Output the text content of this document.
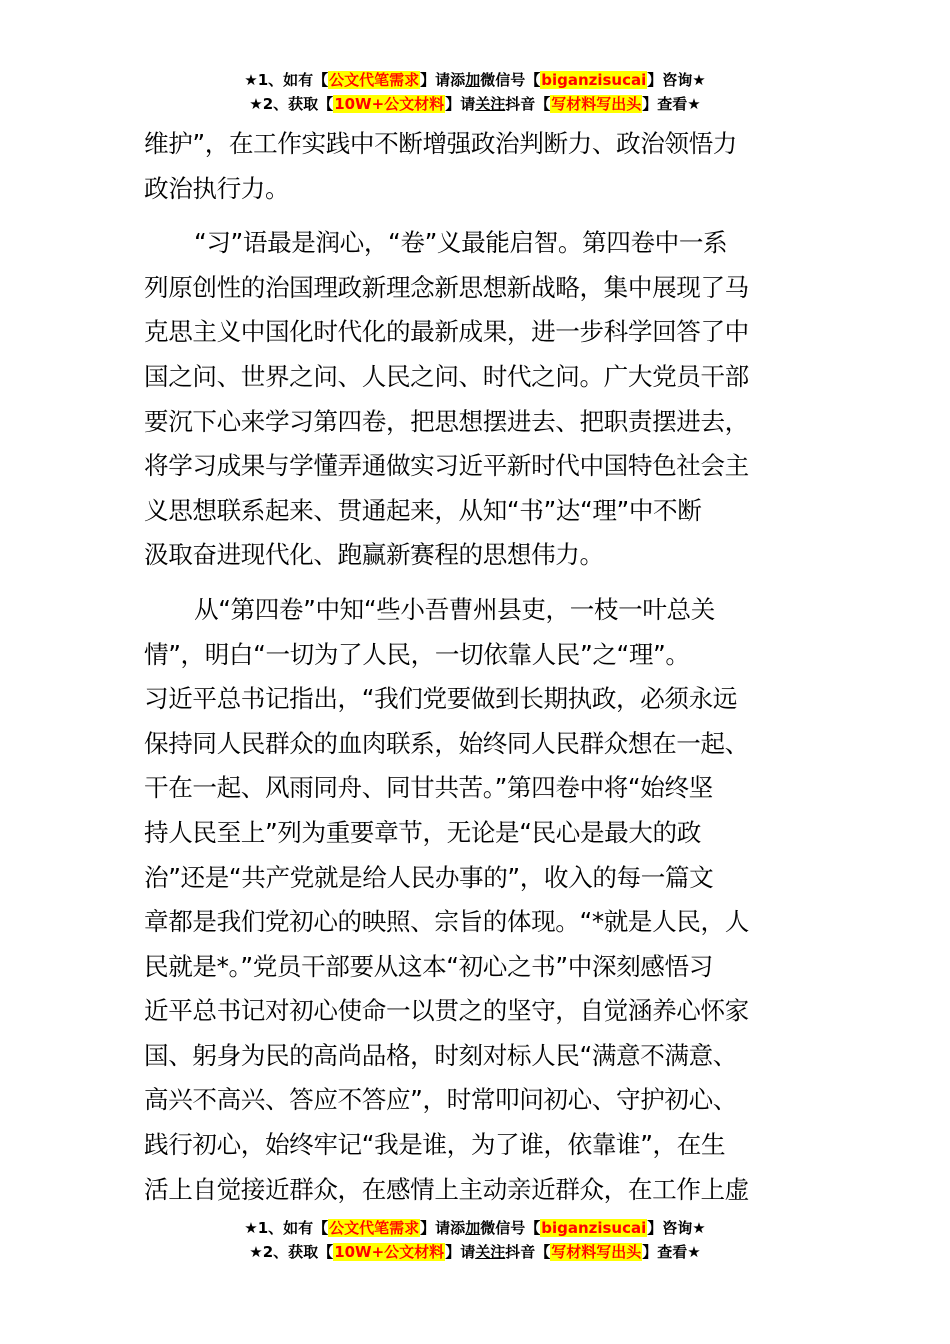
★1、如有【公文代笔需求】请添加微信号【biganzisucai】咨询★
★2、获取【10W+公文材料】请关注抖音【写材料写出头】查看★
维护”，在工作实践中不断增强政治判断力、政治领悟力
政治执行力。
“习”语最是润心，“卷”义最能启智。第四卷中一系
列原创性的治国理政新理念新思想新战略，集中展现了马
克思主义中国化时代化的最新成果，进一步科学回答了中
国之问、世界之问、人民之问、时代之问。广大党员干部
要沉下心来学习第四卷，把思想摆进去、把职责摆进去，
将学习成果与学懂弄通做实习近平新时代中国特色社会主
义思想联系起来、贯通起来，从知“书”达“理”中不断
汲取奋进现代化、跑赢新赛程的思想伟力。
从“第四卷”中知“些小吾曹州县吏，一枝一叶总关
情”，明白“一切为了人民，一切依靠人民”之“理”。
习近平总书记指出，“我们党要做到长期执政，必须永远
保持同人民群众的血肉联系，始终同人民群众想在一起、
干在一起、风雨同舟、同甘共苦。”第四卷中将“始终坚
持人民至上”列为重要章节，无论是“民心是最大的政
治”还是“共产党就是给人民办事的”，收入的每一篇文
章都是我们党初心的映照、宗旨的体现。“*就是人民，人
民就是*。”党员干部要从这本“初心之书”中深刻感悟习
近平总书记对初心使命一以贯之的坚守，自觉涵养心怀家
国、躬身为民的高尚品格，时刻对标人民“满意不满意、
高兴不高兴、答应不答应”，时常叩问初心、守护初心、
践行初心，始终牢记“我是谁，为了谁，依靠谁”，在生
活上自觉接近群众，在感情上主动亲近群众，在工作上虚
★1、如有【公文代笔需求】请添加微信号【biganzisucai】咨询★
★2、获取【10W+公文材料】请关注抖音【写材料写出头】查看★
